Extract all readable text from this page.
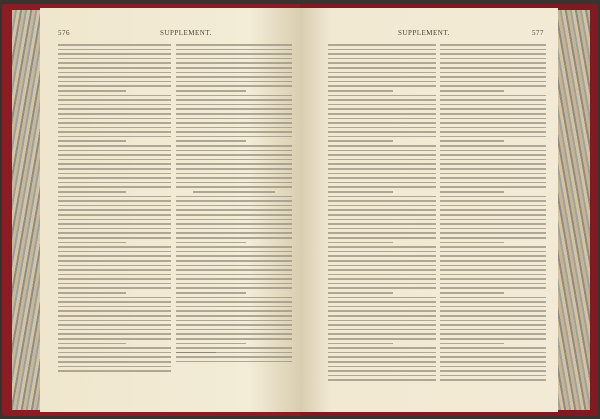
576	SUPPLEMENT.	SUPPLEMENT.	577
